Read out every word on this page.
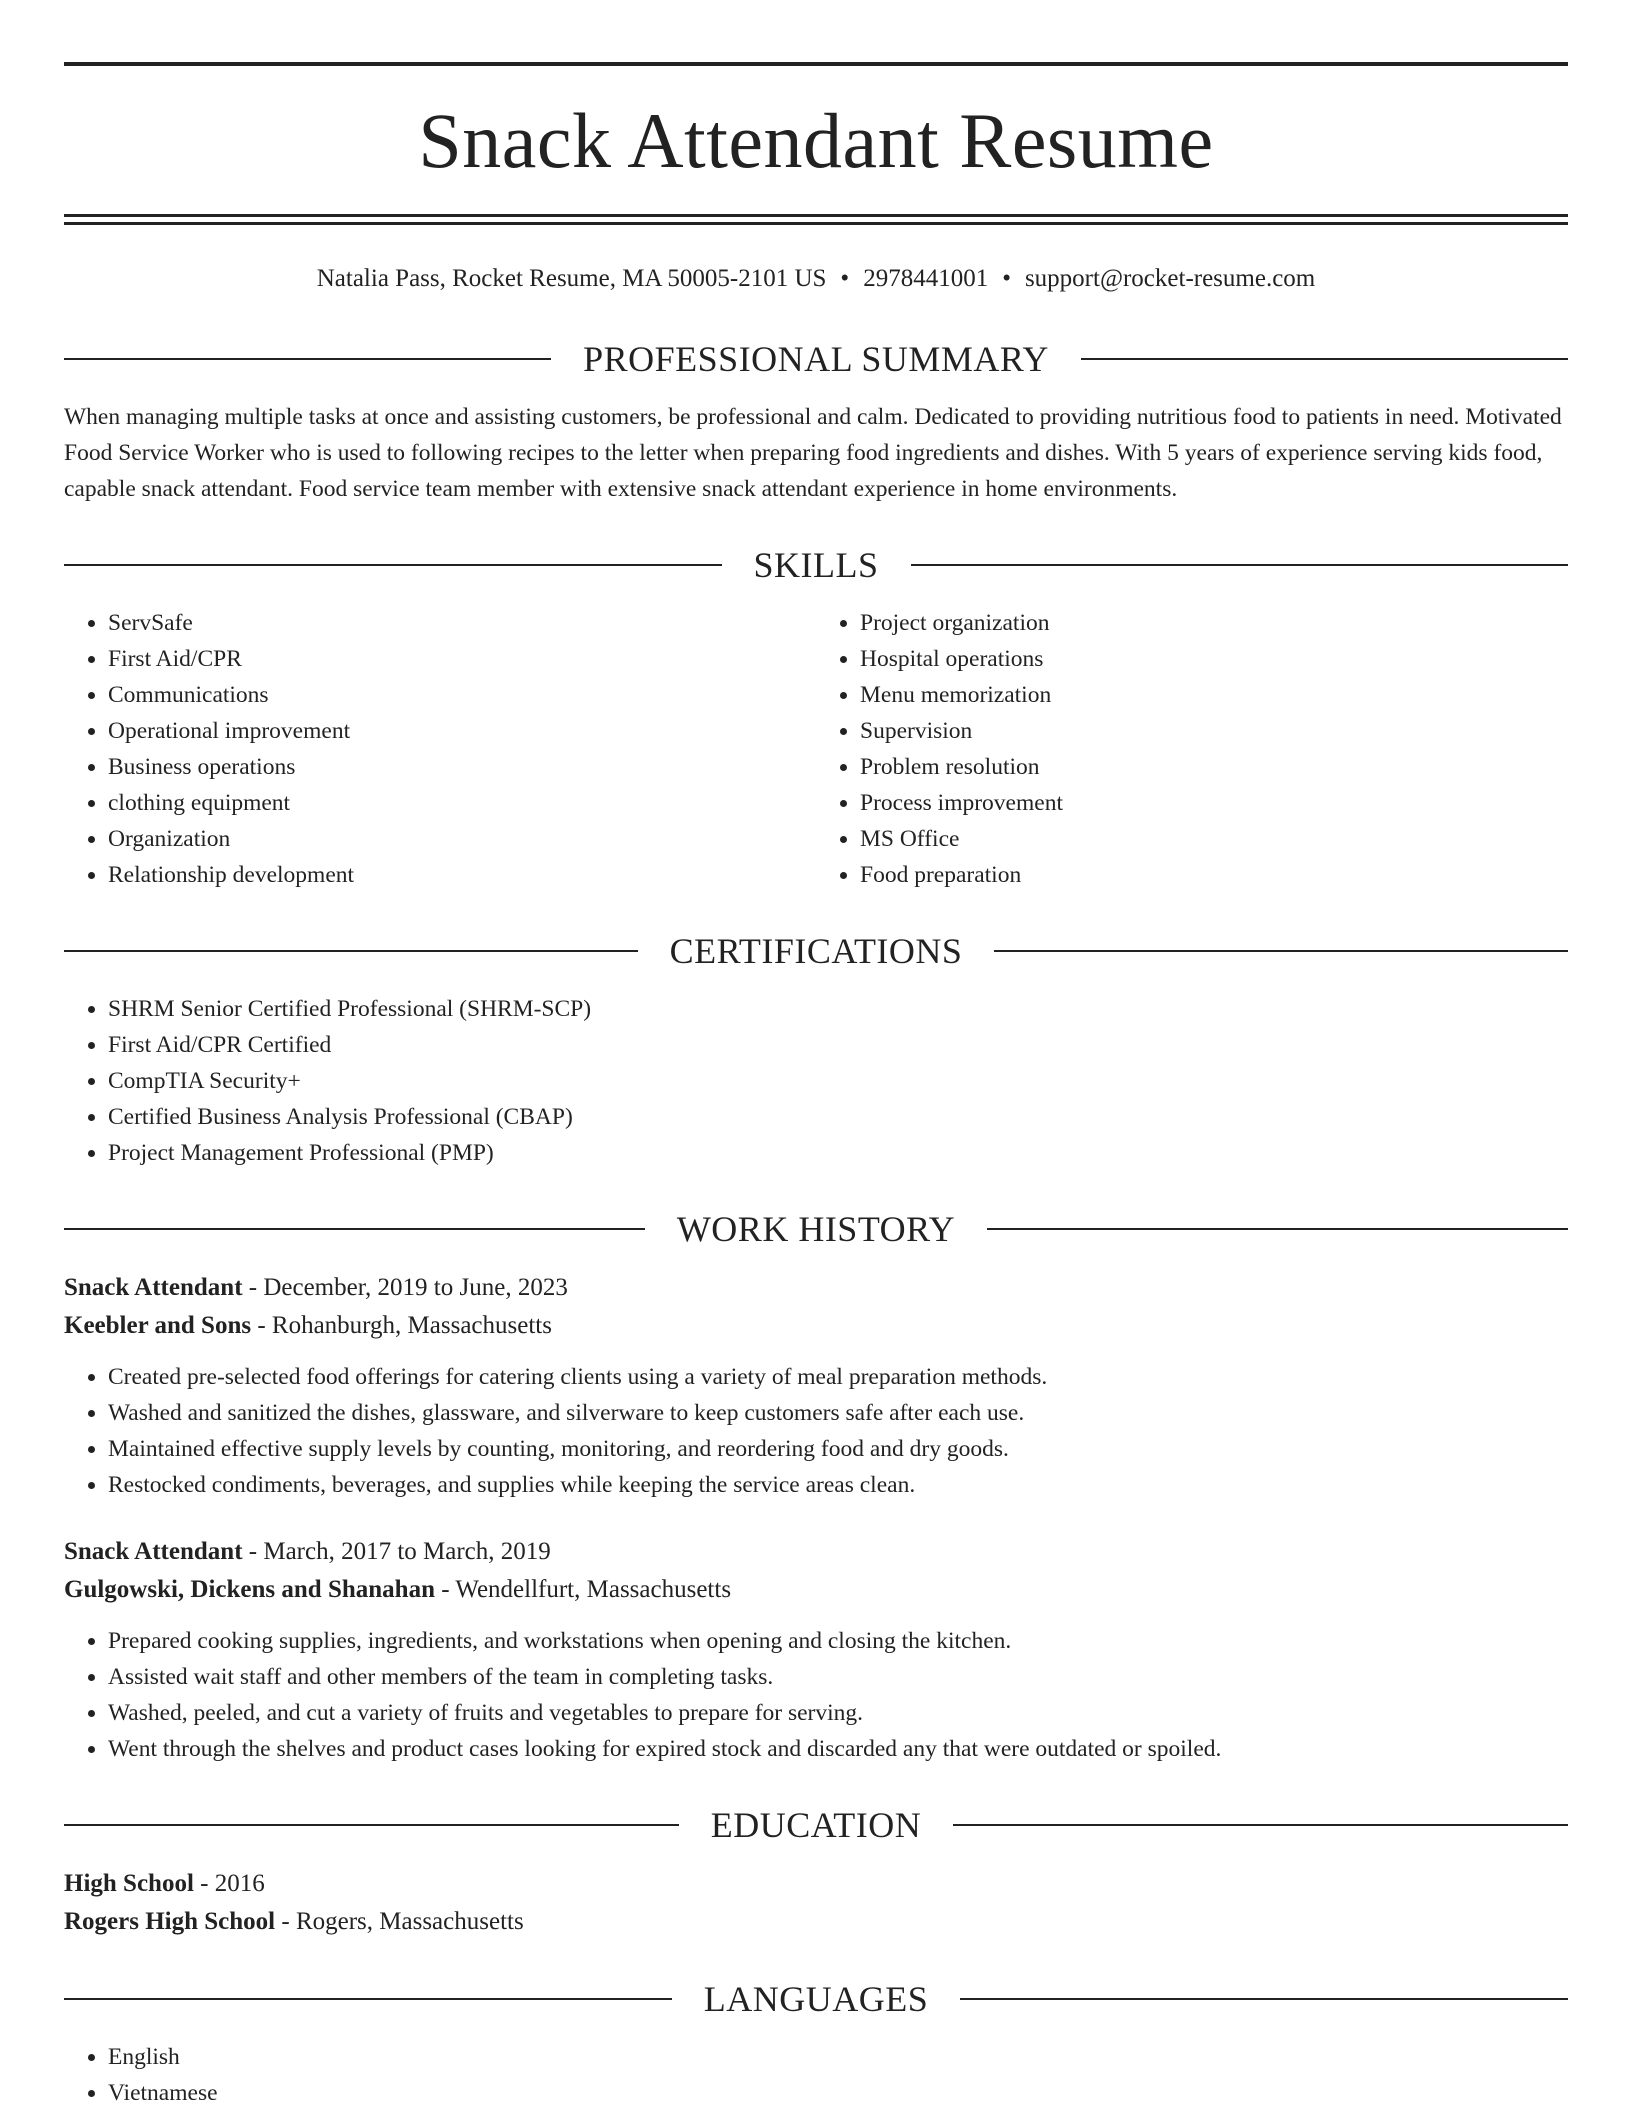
Snack Attendant Resume
Natalia Pass, Rocket Resume, MA 50005-2101 US • 2978441001 • support@rocket-resume.com
PROFESSIONAL SUMMARY

When managing multiple tasks at once and assisting customers, be professional and calm. Dedicated to providing nutritious food to patients in need. Motivated Food Service Worker who is used to following recipes to the letter when preparing food ingredients and dishes. With 5 years of experience serving kids food, capable snack attendant. Food service team member with extensive snack attendant experience in home environments.

SKILLS
• ServSafe
• First Aid/CPR
• Communications
• Operational improvement
• Business operations
• clothing equipment
• Organization
• Relationship development
• Project organization
• Hospital operations
• Menu memorization
• Supervision
• Problem resolution
• Process improvement
• MS Office
• Food preparation
CERTIFICATIONS
• SHRM Senior Certified Professional (SHRM-SCP)
• First Aid/CPR Certified
• CompTIA Security+
• Certified Business Analysis Professional (CBAP)
• Project Management Professional (PMP)
WORK HISTORY
Snack Attendant - December, 2019 to June, 2023
Keebler and Sons - Rohanburgh, Massachusetts
• Created pre-selected food offerings for catering clients using a variety of meal preparation methods.
• Washed and sanitized the dishes, glassware, and silverware to keep customers safe after each use.
• Maintained effective supply levels by counting, monitoring, and reordering food and dry goods.
• Restocked condiments, beverages, and supplies while keeping the service areas clean.
Snack Attendant - March, 2017 to March, 2019
Gulgowski, Dickens and Shanahan - Wendellfurt, Massachusetts
• Prepared cooking supplies, ingredients, and workstations when opening and closing the kitchen.
• Assisted wait staff and other members of the team in completing tasks.
• Washed, peeled, and cut a variety of fruits and vegetables to prepare for serving.
• Went through the shelves and product cases looking for expired stock and discarded any that were outdated or spoiled.
EDUCATION
High School - 2016
Rogers High School - Rogers, Massachusetts
LANGUAGES
• English
• Vietnamese
